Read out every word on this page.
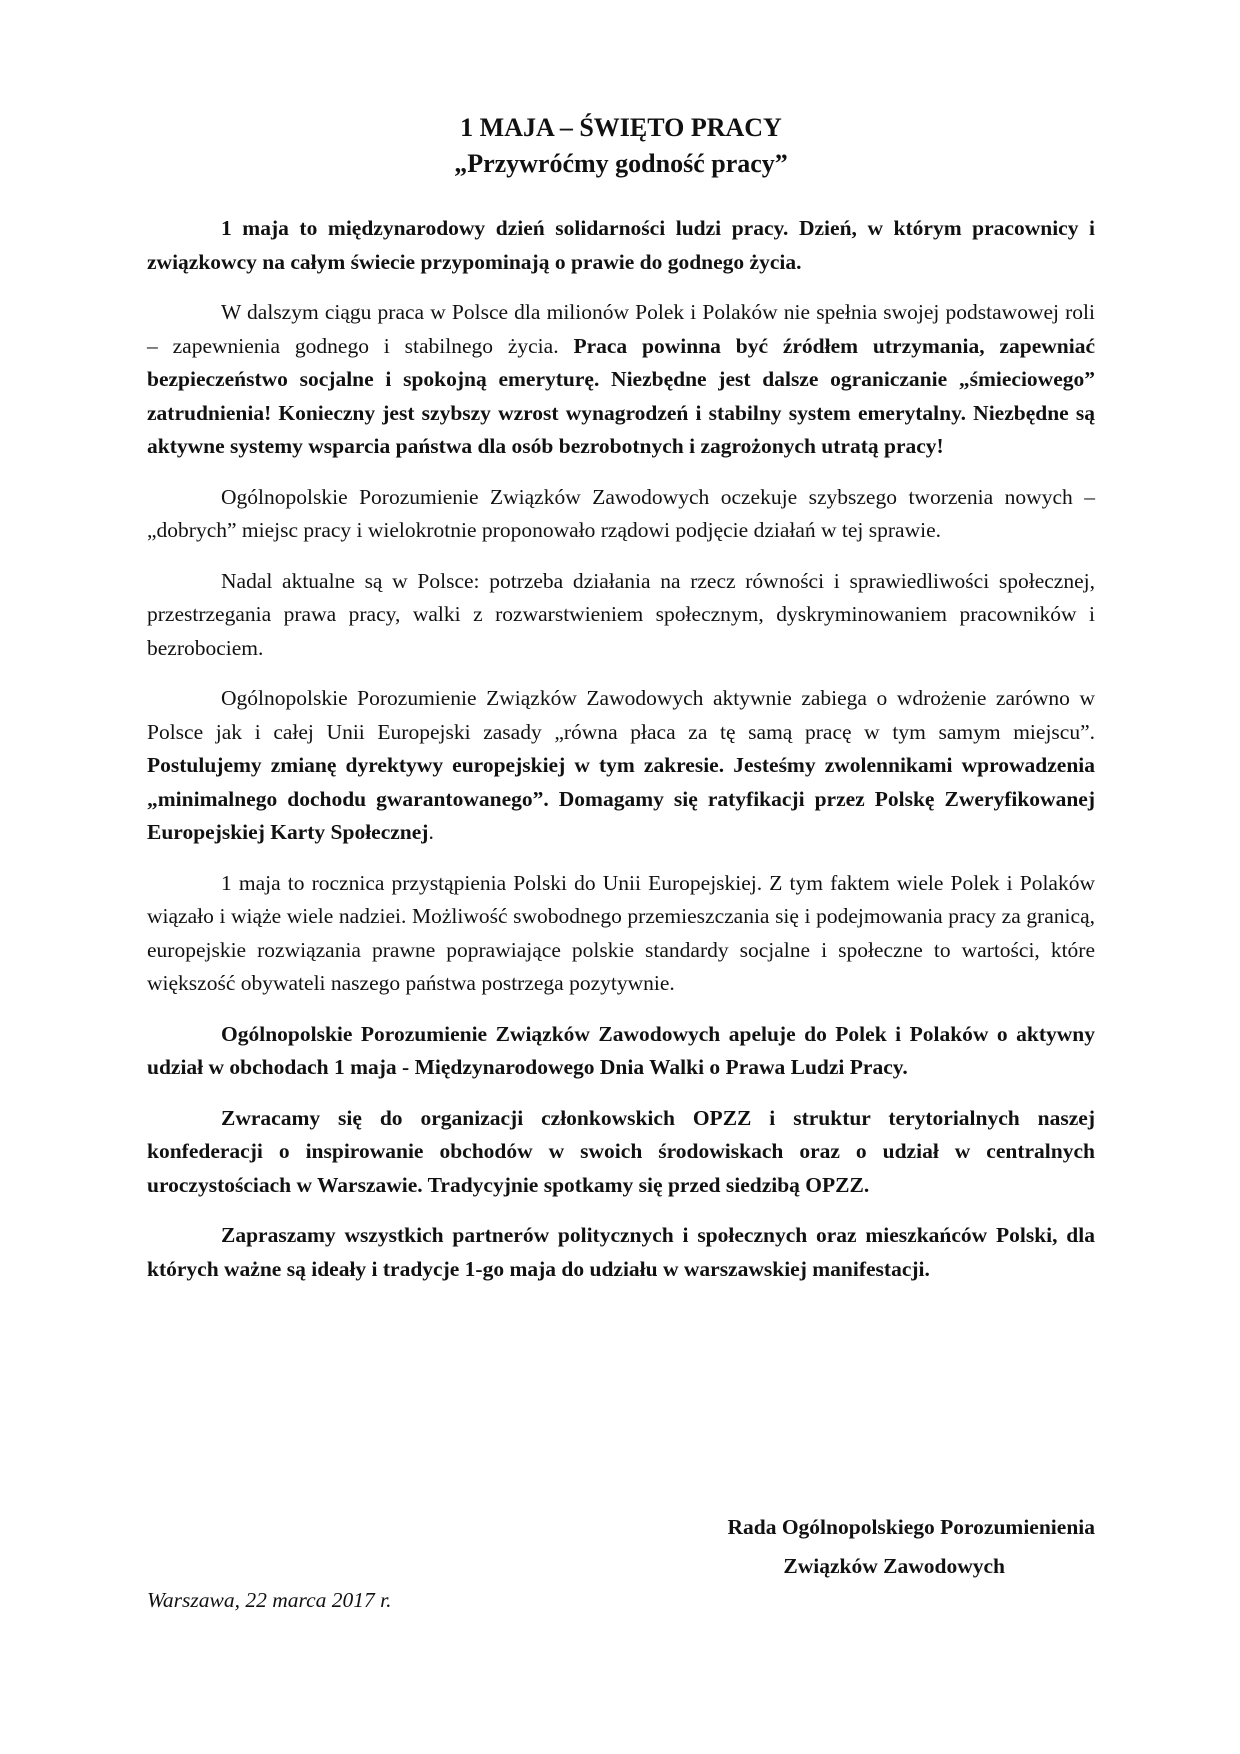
1 MAJA – ŚWIĘTO PRACY
„Przywróćmy godność pracy”

1 maja to międzynarodowy dzień solidarności ludzi pracy. Dzień, w którym pracownicy i związkowcy na całym świecie przypominają o prawie do godnego życia.

W dalszym ciągu praca w Polsce dla milionów Polek i Polaków nie spełnia swojej podstawowej roli – zapewnienia godnego i stabilnego życia. Praca powinna być źródłem utrzymania, zapewniać bezpieczeństwo socjalne i spokojną emeryturę. Niezbędne jest dalsze ograniczanie „śmieciowego” zatrudnienia! Konieczny jest szybszy wzrost wynagrodzeń i stabilny system emerytalny. Niezbędne są aktywne systemy wsparcia państwa dla osób bezrobotnych i zagrożonych utratą pracy!

Ogólnopolskie Porozumienie Związków Zawodowych oczekuje szybszego tworzenia nowych – „dobrych” miejsc pracy i wielokrotnie proponowało rządowi podjęcie działań w tej sprawie.

Nadal aktualne są w Polsce: potrzeba działania na rzecz równości i sprawiedliwości społecznej, przestrzegania prawa pracy, walki z rozwarstwieniem społecznym, dyskryminowaniem pracowników i bezrobociem.

Ogólnopolskie Porozumienie Związków Zawodowych aktywnie zabiega o wdrożenie zarówno w Polsce jak i całej Unii Europejski zasady „równa płaca za tę samą pracę w tym samym miejscu”. Postulujemy zmianę dyrektywy europejskiej w tym zakresie. Jesteśmy zwolennikami wprowadzenia „minimalnego dochodu gwarantowanego”. Domagamy się ratyfikacji przez Polskę Zweryfikowanej Europejskiej Karty Społecznej.

1 maja to rocznica przystąpienia Polski do Unii Europejskiej. Z tym faktem wiele Polek i Polaków wiązało i wiąże wiele nadziei. Możliwość swobodnego przemieszczania się i podejmowania pracy za granicą, europejskie rozwiązania prawne poprawiające polskie standardy socjalne i społeczne to wartości, które większość obywateli naszego państwa postrzega pozytywnie.

Ogólnopolskie Porozumienie Związków Zawodowych apeluje do Polek i Polaków o aktywny udział w obchodach 1 maja - Międzynarodowego Dnia Walki o Prawa Ludzi Pracy.

Zwracamy się do organizacji członkowskich OPZZ i struktur terytorialnych naszej konfederacji o inspirowanie obchodów w swoich środowiskach oraz o udział w centralnych uroczystościach w Warszawie. Tradycyjnie spotkamy się przed siedzibą OPZZ.

Zapraszamy wszystkich partnerów politycznych i społecznych oraz mieszkańców Polski, dla których ważne są ideały i tradycje 1-go maja do udziału w warszawskiej manifestacji.

Rada Ogólnopolskiego Porozumienienia
Związków Zawodowych
Warszawa, 22 marca 2017 r.
